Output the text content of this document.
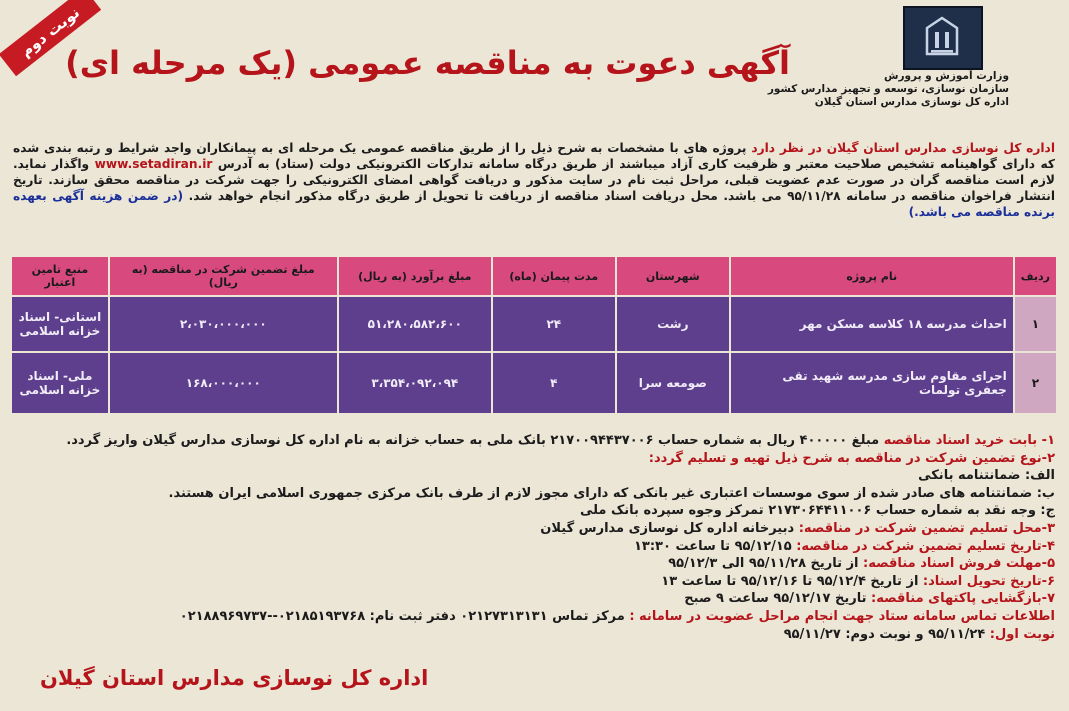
نوبت دوم
وزارت آموزش و پرورش
سازمان نوسازی، توسعه و تجهیز مدارس کشور
اداره کل نوسازی مدارس استان گیلان
آگهی دعوت به مناقصه عمومی (یک مرحله ای)
اداره کل نوسازی مدارس استان گیلان در نظر دارد پروژه های با مشخصات به شرح ذیل را از طریق مناقصه عمومی یک مرحله ای به پیمانکاران واجد شرایط و رتبه بندی شده که دارای گواهینامه تشخیص صلاحیت معتبر و ظرفیت کاری آزاد میباشند از طریق درگاه سامانه تدارکات الکترونیکی دولت (ستاد) به آدرس www.setadiran.ir واگذار نماید. لازم است مناقصه گران در صورت عدم عضویت قبلی، مراحل ثبت نام در سایت مذکور و دریافت گواهی امضای الکترونیکی را جهت شرکت در مناقصه محقق سازند. تاریخ انتشار فراخوان مناقصه در سامانه ۹۵/۱۱/۲۸ می باشد. محل دریافت اسناد مناقصه از دریافت تا تحویل از طریق درگاه مذکور انجام خواهد شد. (در ضمن هزینه آگهی بعهده برنده مناقصه می باشد.)
ردیف	نام پروژه	شهرستان	مدت پیمان (ماه)	مبلغ برآورد (به ریال)	مبلغ تضمین شرکت در مناقصه (به ریال)	منبع تامین اعتبار
۱	احداث مدرسه ۱۸ کلاسه مسکن مهر	رشت	۲۴	۵۱،۲۸۰،۵۸۲،۶۰۰	۲،۰۳۰،۰۰۰،۰۰۰	استانی- اسناد خزانه اسلامی
۲	اجرای مقاوم سازی مدرسه شهید تقی جعفری تولمات	صومعه سرا	۴	۳،۳۵۴،۰۹۲،۰۹۴	۱۶۸،۰۰۰،۰۰۰	ملی- اسناد خزانه اسلامی
۱- بابت خرید اسناد مناقصه مبلغ ۴۰۰۰۰۰ ریال به شماره حساب ۲۱۷۰۰۹۴۴۳۷۰۰۶ بانک ملی به حساب خزانه به نام اداره کل نوسازی مدارس گیلان واریز گردد.
۲-نوع تضمین شرکت در مناقصه به شرح ذیل تهیه و تسلیم گردد:
الف: ضمانتنامه بانکی
ب: ضمانتنامه های صادر شده از سوی موسسات اعتباری غیر بانکی که دارای مجوز لازم از طرف بانک مرکزی جمهوری اسلامی ایران هستند.
ج: وجه نقد به شماره حساب ۲۱۷۳۰۶۴۴۱۱۰۰۶ تمرکز وجوه سپرده بانک ملی
۳-محل تسلیم تضمین شرکت در مناقصه: دبیرخانه اداره کل نوسازی مدارس گیلان
۴-تاریخ تسلیم تضمین شرکت در مناقصه: ۹۵/۱۲/۱۵ تا ساعت ۱۳:۳۰
۵-مهلت فروش اسناد مناقصه: از تاریخ ۹۵/۱۱/۲۸ الی ۹۵/۱۲/۳
۶-تاریخ تحویل اسناد: از تاریخ ۹۵/۱۲/۴ تا ۹۵/۱۲/۱۶ تا ساعت ۱۳
۷-بازگشایی پاکتهای مناقصه: تاریخ ۹۵/۱۲/۱۷ ساعت ۹ صبح
اطلاعات تماس سامانه ستاد جهت انجام مراحل عضویت در سامانه : مرکز تماس ۰۲۱۲۷۳۱۳۱۳۱ دفتر ثبت نام: ۰۲۱۸۵۱۹۳۷۶۸--۰۲۱۸۸۹۶۹۷۳۷
نوبت اول: ۹۵/۱۱/۲۴ و نوبت دوم: ۹۵/۱۱/۲۷
اداره کل نوسازی مدارس استان گیلان
